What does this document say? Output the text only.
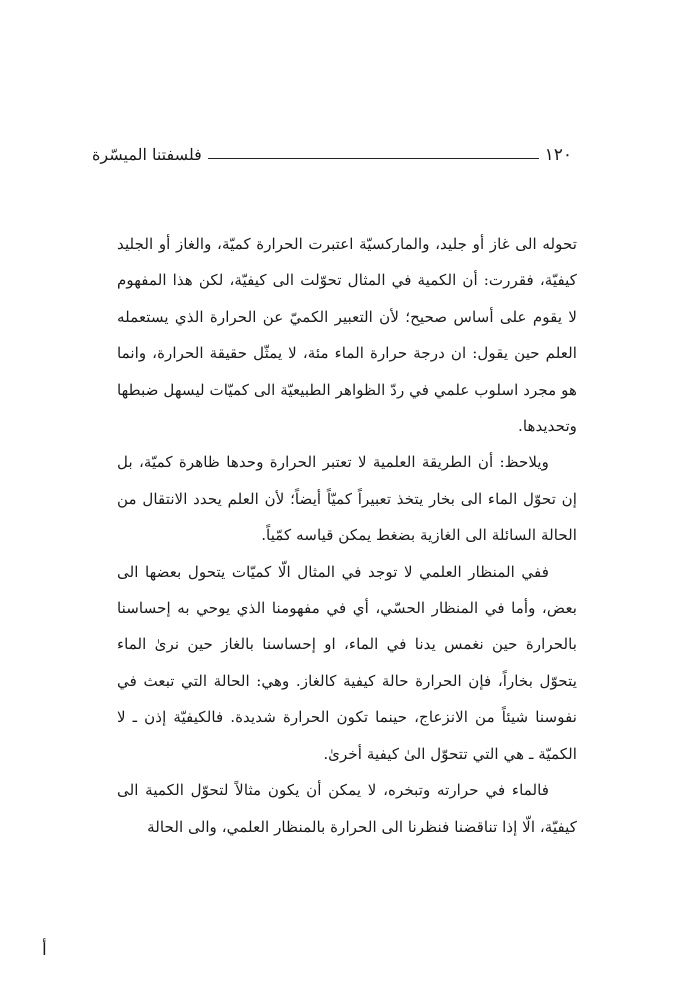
١٢٠
فلسفتنا الميسّرة

تحوله الى غاز أو جليد، والماركسيّة اعتبرت الحرارة كميّة، والغاز أو الجليد كيفيّة، فقررت: أن الكمية في المثال تحوّلت الى كيفيّة، لكن هذا المفهوم لا يقوم على أساس صحيح؛ لأن التعبير الكميّ عن الحرارة الذي يستعمله العلم حين يقول: ان درجة حرارة الماء مئة، لا يمثّل حقيقة الحرارة، وانما هو مجرد اسلوب علمي في ردّ الظواهر الطبيعيّة الى كميّات ليسهل ضبطها وتحديدها.

ويلاحظ: أن الطريقة العلمية لا تعتبر الحرارة وحدها ظاهرة كميّة، بل إن تحوّل الماء الى بخار يتخذ تعبيراً كميّاً أيضاً؛ لأن العلم يحدد الانتقال من الحالة السائلة الى الغازية بضغط يمكن قياسه كمّياً.

ففي المنظار العلمي لا توجد في المثال الّا كميّات يتحول بعضها الى بعض، وأما في المنظار الحسّي، أي في مفهومنا الذي يوحي به إحساسنا بالحرارة حين نغمس يدنا في الماء، او إحساسنا بالغاز حين نرىٰ الماء يتحوّل بخاراً، فإن الحرارة حالة كيفية كالغاز. وهي: الحالة التي تبعث في نفوسنا شيئاً من الانزعاج، حينما تكون الحرارة شديدة. فالكيفيّة إذن ـ لا الكميّة ـ هي التي تتحوّل الىٰ كيفية أخرىٰ.

فالماء في حرارته وتبخره، لا يمكن أن يكون مثالاً لتحوّل الكمية الى كيفيّة، الّا إذا تناقضنا فنظرنا الى الحرارة بالمنظار العلمي، والى الحالة

أ
